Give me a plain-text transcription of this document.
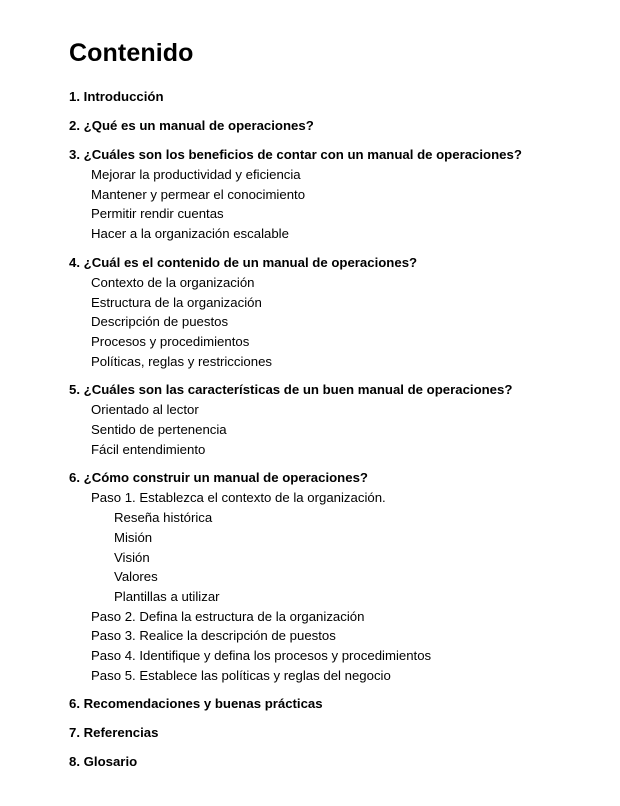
Contenido
1. Introducción
2. ¿Qué es un manual de operaciones?
3. ¿Cuáles son los beneficios de contar con un manual de operaciones?
Mejorar la productividad y eficiencia
Mantener y permear el conocimiento
Permitir rendir cuentas
Hacer a la organización escalable
4. ¿Cuál es el contenido de un manual de operaciones?
Contexto de la organización
Estructura de la organización
Descripción de puestos
Procesos y procedimientos
Políticas, reglas y restricciones
5. ¿Cuáles son las características de un buen manual de operaciones?
Orientado al lector
Sentido de pertenencia
Fácil entendimiento
6. ¿Cómo construir un manual de operaciones?
Paso 1. Establezca el contexto de la organización.
Reseña histórica
Misión
Visión
Valores
Plantillas a utilizar
Paso 2. Defina la estructura de la organización
Paso 3. Realice la descripción de puestos
Paso 4. Identifique y defina los procesos y procedimientos
Paso 5. Establece las políticas y reglas del negocio
6. Recomendaciones y buenas prácticas
7. Referencias
8. Glosario
